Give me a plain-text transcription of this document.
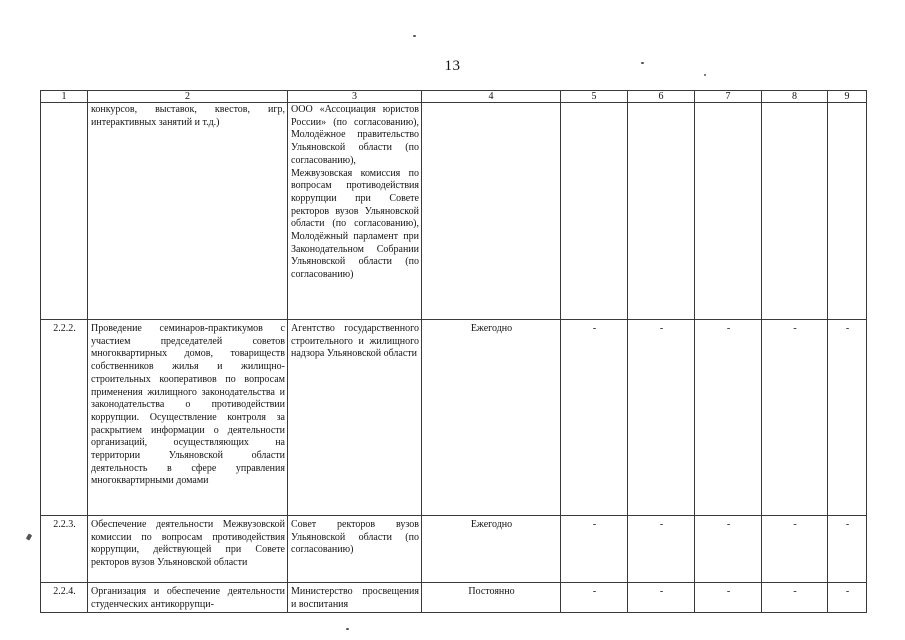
13
1	2	3	4	5	6	7	8	9
	конкурсов, выставок, квестов, игр, интерактивных занятий и т.д.)	ООО «Ассоциация юристов России» (по согласованию), Молодёжное правительство Ульяновской области (по согласованию), Межвузовская комиссия по вопросам противодействия коррупции при Совете ректоров вузов Ульяновской области (по согласованию), Молодёжный парламент при Законодательном Собрании Ульяновской области (по согласованию)						
2.2.2.	Проведение семинаров-практикумов с участием председателей советов многоквартирных домов, товариществ собственников жилья и жилищно-строительных кооперативов по вопросам применения жилищного законодательства и законодательства о противодействии коррупции. Осуществление контроля за раскрытием информации о деятельности организаций, осуществляющих на территории Ульяновской области деятельность в сфере управления многоквартирными домами	Агентство государственного строительного и жилищного надзора Ульяновской области	Ежегодно	-	-	-	-	-
2.2.3.	Обеспечение деятельности Межвузовской комиссии по вопросам противодействия коррупции, действующей при Совете ректоров вузов Ульяновской области	Совет ректоров вузов Ульяновской области (по согласованию)	Ежегодно	-	-	-	-	-
2.2.4.	Организация и обеспечение деятельности студенческих антикоррупци-	Министерство просвещения и воспитания	Постоянно	-	-	-	-	-
